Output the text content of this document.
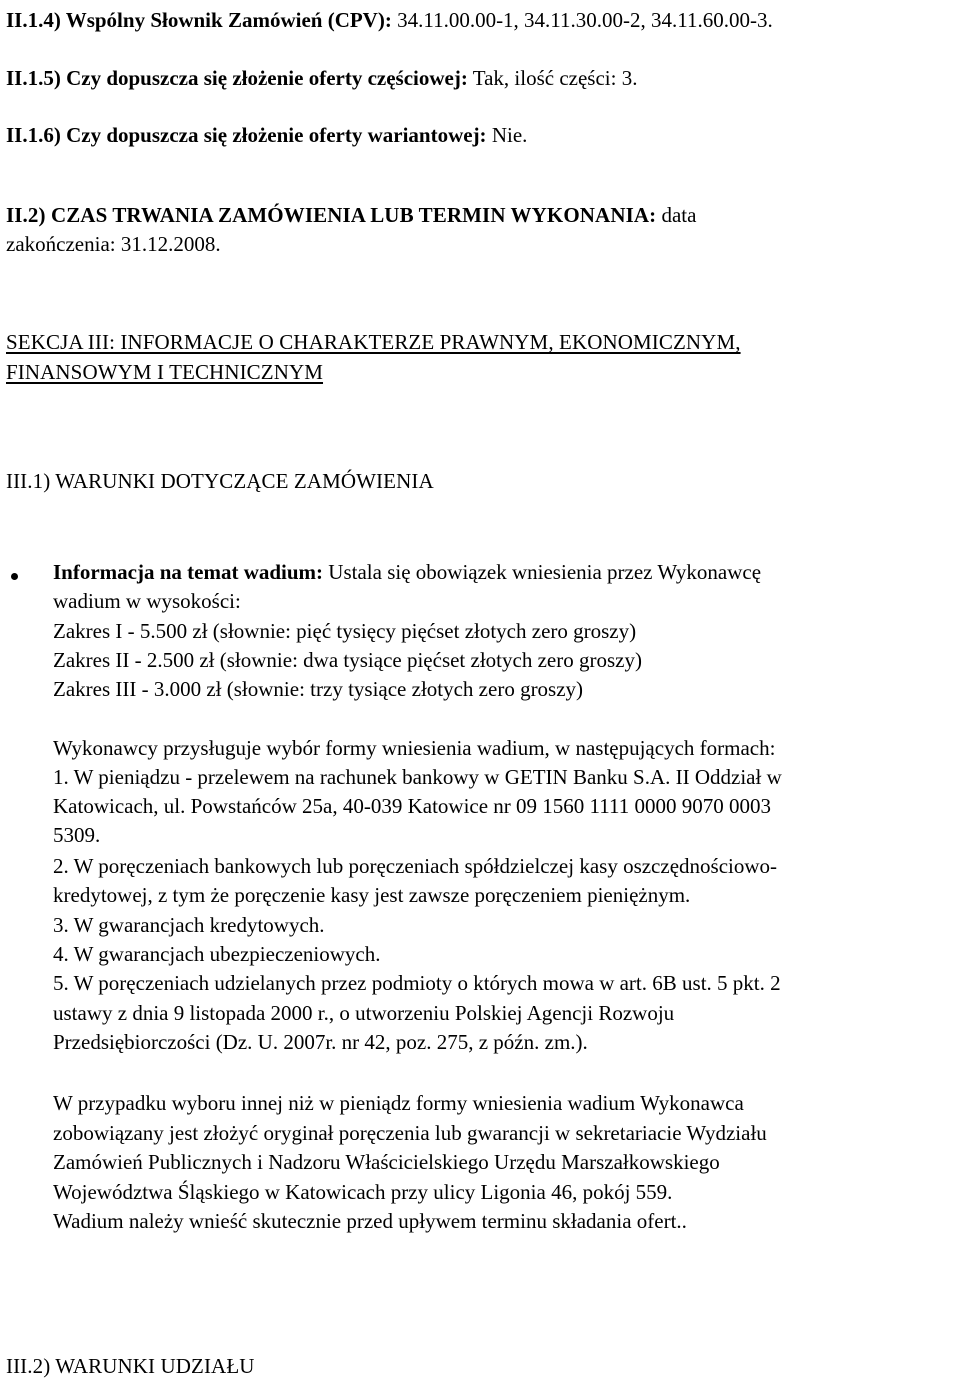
II.1.4) Wspólny Słownik Zamówień (CPV): 34.11.00.00-1, 34.11.30.00-2, 34.11.60.00-3.
II.1.5) Czy dopuszcza się złożenie oferty częściowej: Tak, ilość części: 3.
II.1.6) Czy dopuszcza się złożenie oferty wariantowej: Nie.
II.2) CZAS TRWANIA ZAMÓWIENIA LUB TERMIN WYKONANIA: data
zakończenia: 31.12.2008.
SEKCJA III: INFORMACJE O CHARAKTERZE PRAWNYM, EKONOMICZNYM,
FINANSOWYM I TECHNICZNYM
III.1) WARUNKI DOTYCZĄCE ZAMÓWIENIA
Informacja na temat wadium: Ustala się obowiązek wniesienia przez Wykonawcę
wadium w wysokości:
Zakres I - 5.500 zł (słownie: pięć tysięcy pięćset złotych zero groszy)
Zakres II - 2.500 zł (słownie: dwa tysiące pięćset złotych zero groszy)
Zakres III - 3.000 zł (słownie: trzy tysiące złotych zero groszy)
Wykonawcy przysługuje wybór formy wniesienia wadium, w następujących formach:
1. W pieniądzu - przelewem na rachunek bankowy w GETIN Banku S.A. II Oddział w
Katowicach, ul. Powstańców 25a, 40-039 Katowice nr 09 1560 1111 0000 9070 0003
5309.
2. W poręczeniach bankowych lub poręczeniach spółdzielczej kasy oszczędnościowo-
kredytowej, z tym że poręczenie kasy jest zawsze poręczeniem pieniężnym.
3. W gwarancjach kredytowych.
4. W gwarancjach ubezpieczeniowych.
5. W poręczeniach udzielanych przez podmioty o których mowa w art. 6B ust. 5 pkt. 2
ustawy z dnia 9 listopada 2000 r., o utworzeniu Polskiej Agencji Rozwoju
Przedsiębiorczości (Dz. U. 2007r. nr 42, poz. 275, z późn. zm.).
W przypadku wyboru innej niż w pieniądz formy wniesienia wadium Wykonawca
zobowiązany jest złożyć oryginał poręczenia lub gwarancji w sekretariacie Wydziału
Zamówień Publicznych i Nadzoru Właścicielskiego Urzędu Marszałkowskiego
Województwa Śląskiego w Katowicach przy ulicy Ligonia 46, pokój 559.
Wadium należy wnieść skutecznie przed upływem terminu składania ofert..
III.2) WARUNKI UDZIAŁU
